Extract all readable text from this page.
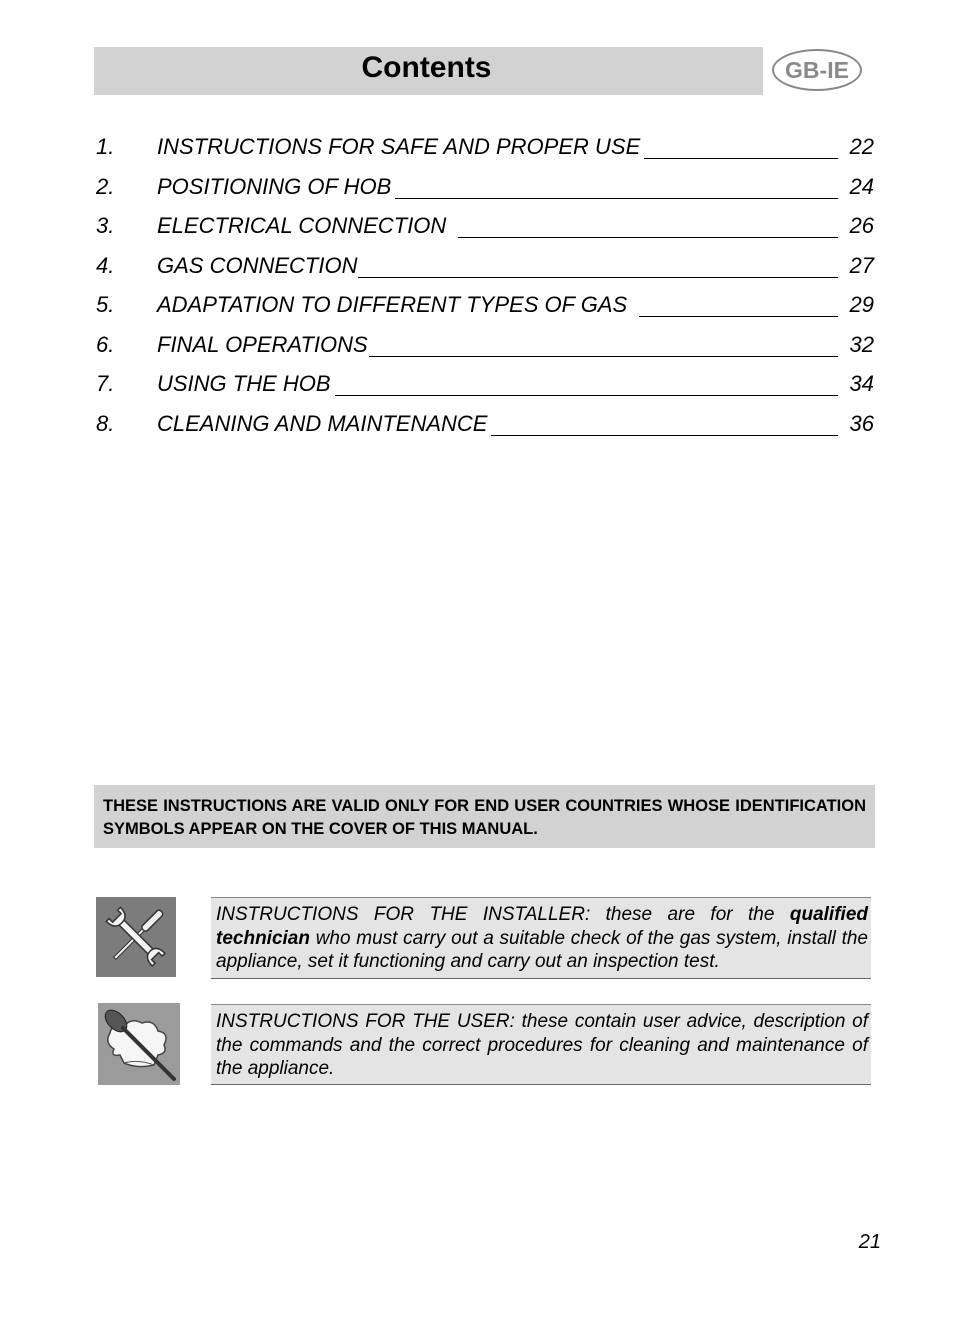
Contents	GB-IE
1.	INSTRUCTIONS FOR SAFE AND PROPER USE	22
2.	POSITIONING OF HOB	24
3.	ELECTRICAL CONNECTION	26
4.	GAS CONNECTION	27
5.	ADAPTATION TO DIFFERENT TYPES OF GAS	29
6.	FINAL OPERATIONS	32
7.	USING THE HOB	34
8.	CLEANING AND MAINTENANCE	36
THESE INSTRUCTIONS ARE VALID ONLY FOR END USER COUNTRIES WHOSE IDENTIFICATION SYMBOLS APPEAR ON THE COVER OF THIS MANUAL.
INSTRUCTIONS FOR THE INSTALLER: these are for the qualified technician who must carry out a suitable check of the gas system, install the appliance, set it functioning and carry out an inspection test.
INSTRUCTIONS FOR THE USER: these contain user advice, description of the commands and the correct procedures for cleaning and maintenance of the appliance.
21
